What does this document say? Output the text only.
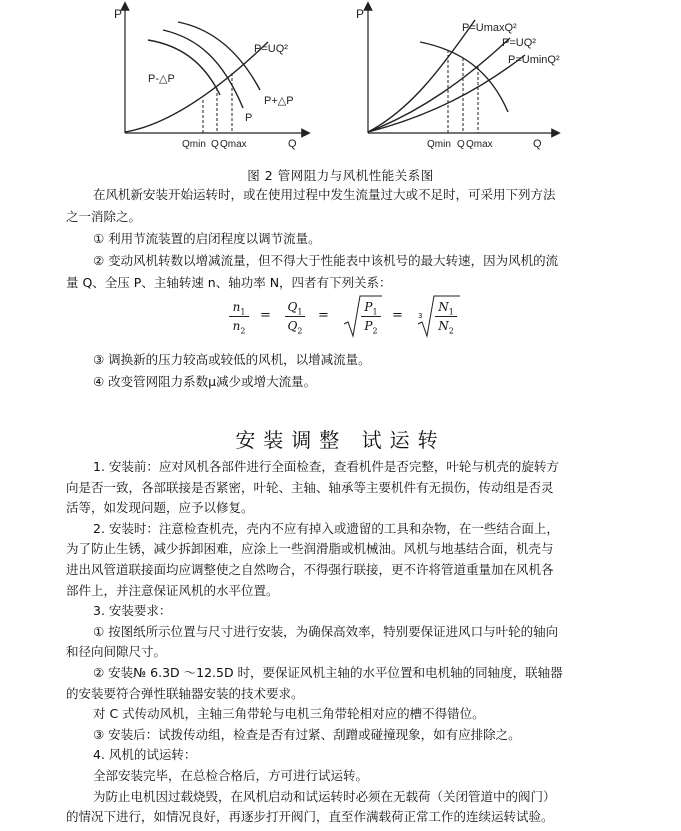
P
Q
P=UQ²
P-△P
P+△P
P
Qmin Q Qmax
P
Q
P=UmaxQ²
P=UQ²
P=UminQ²
Qmin Q Qmax
图 2 管网阻力与风机性能关系图
在风机新安装开始运转时，或在使用过程中发生流量过大或不足时，可采用下列方法
之一消除之。
① 利用节流装置的启闭程度以调节流量。
② 变动风机转数以增减流量，但不得大于性能表中该机号的最大转速，因为风机的流
量 Q、全压 P、主轴转速 n、轴功率 N，四者有下列关系：
$n_1$
$n_2$
=
$Q_1$
$Q_2$
=
$P_1$
$P_2$
= 3
$N_1$
$N_2$
③ 调换新的压力较高或较低的风机，以增减流量。
④ 改变管网阻力系数μ减少或增大流量。
安装调整 试运转
1. 安装前：应对风机各部件进行全面检查，查看机件是否完整，叶轮与机壳的旋转方
向是否一致，各部联接是否紧密，叶轮、主轴、轴承等主要机件有无损伤，传动组是否灵
活等，如发现问题，应予以修复。
2. 安装时：注意检查机壳，壳内不应有掉入或遗留的工具和杂物，在一些结合面上，
为了防止生锈，减少拆卸困难，应涂上一些润滑脂或机械油。风机与地基结合面，机壳与
进出风管道联接面均应调整使之自然吻合，不得强行联接，更不许将管道重量加在风机各
部件上，并注意保证风机的水平位置。
3. 安装要求：
① 按图纸所示位置与尺寸进行安装，为确保高效率，特别要保证进风口与叶轮的轴向
和径向间隙尺寸。
② 安装№ 6.3D ～12.5D 时，要保证风机主轴的水平位置和电机轴的同轴度，联轴器
的安装要符合弹性联轴器安装的技术要求。
对 C 式传动风机，主轴三角带轮与电机三角带轮相对应的槽不得错位。
③ 安装后：试拨传动组，检查是否有过紧、刮蹭或碰撞现象，如有应排除之。
4. 风机的试运转：
全部安装完毕，在总检合格后，方可进行试运转。
为防止电机因过载烧毁，在风机启动和试运转时必须在无载荷（关闭管道中的阀门）
的情况下进行，如情况良好，再逐步打开阀门，直至作满载荷正常工作的连续运转试验。
